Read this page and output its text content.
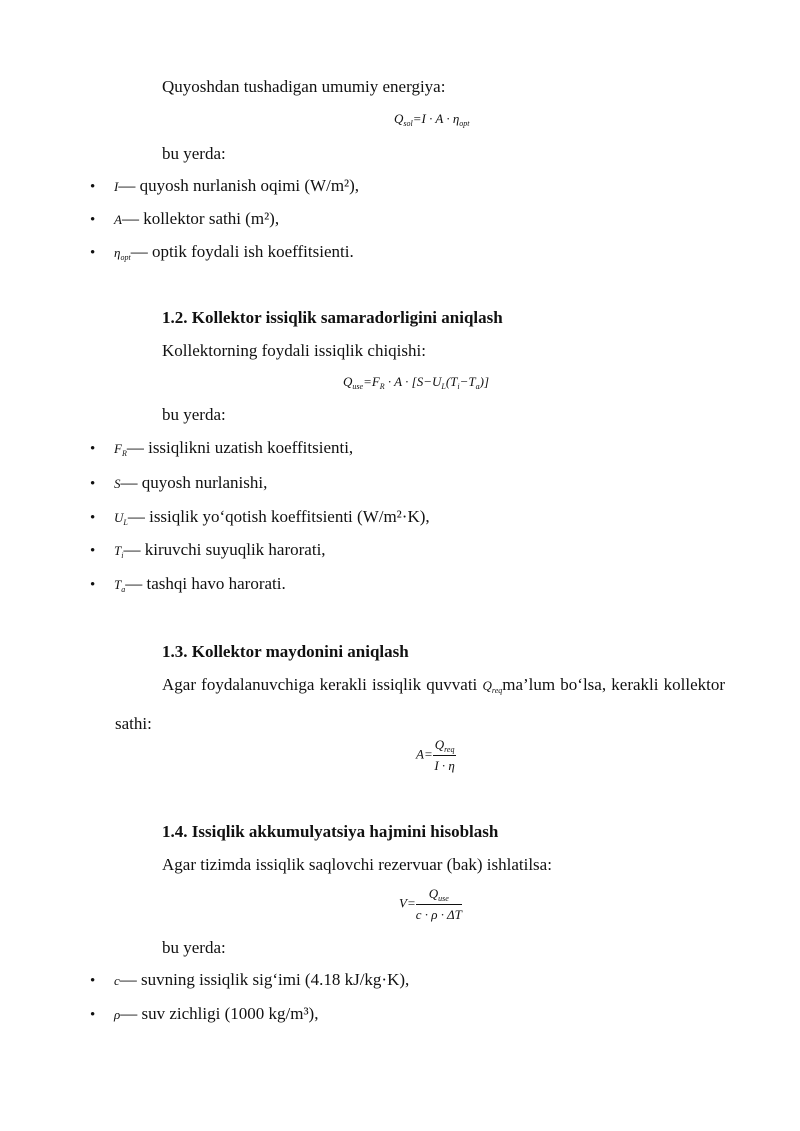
Quyoshdan tushadigan umumiy energiya:
$Q_{sol}=I \cdot A \cdot \eta_{opt}$
bu yerda:
• I— quyosh nurlanish oqimi (W/m²),
• A— kollektor sathi (m²),
• $\eta_{opt}—$ optik foydali ish koeffitsienti.
1.2. Kollektor issiqlik samaradorligini aniqlash
Kollektorning foydali issiqlik chiqishi:
$Q_{use}=F_R \cdot A \cdot [S-U_L(T_i-T_a)]$
bu yerda:
• $F_R—$ issiqlikni uzatish koeffitsienti,
• S— quyosh nurlanishi,
• $U_L—$ issiqlik yo‘qotish koeffitsienti (W/m²·K),
• $T_i—$ kiruvchi suyuqlik harorati,
• $T_a—$ tashqi havo harorati.
1.3. Kollektor maydonini aniqlash
Agar foydalanuvchiga kerakli issiqlik quvvati $Q_{req}ma’lum$ bo‘lsa, kerakli kollektor sathi:
$A= \frac{Q_{req}}{I \cdot \eta}$
1.4. Issiqlik akkumulyatsiya hajmini hisoblash
Agar tizimda issiqlik saqlovchi rezervuar (bak) ishlatilsa:
$V= \frac{Q_{use}}{c \cdot \rho \cdot \Delta T}$
bu yerda:
• c— suvning issiqlik sig‘imi (4.18 kJ/kg·K),
• ρ— suv zichligi (1000 kg/m³),
